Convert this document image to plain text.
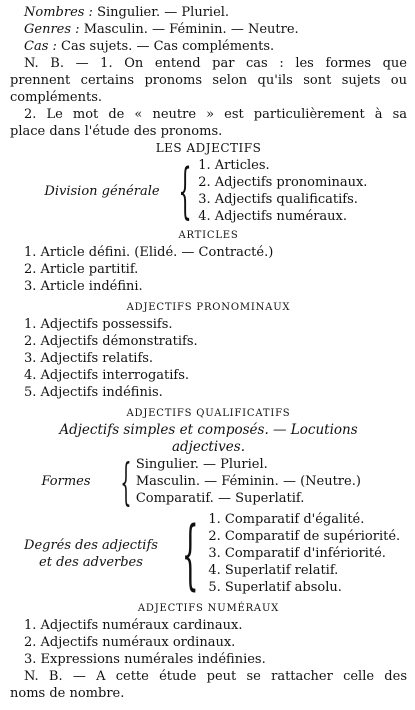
Nombres : Singulier. — Pluriel.
Genres : Masculin. — Féminin. — Neutre.
Cas : Cas sujets. — Cas compléments.
N. B. — 1. On entend par cas : les formes que
prennent certains pronoms selon qu'ils sont sujets ou
compléments.
2. Le mot de « neutre » est particulièrement à sa
place dans l'étude des pronoms.
LES ADJECTIFS
Division générale { 1. Articles.
2. Adjectifs pronominaux.
3. Adjectifs qualificatifs.
4. Adjectifs numéraux.
ARTICLES
1. Article défini. (Elidé. — Contracté.)
2. Article partitif.
3. Article indéfini.
ADJECTIFS PRONOMINAUX
1. Adjectifs possessifs.
2. Adjectifs démonstratifs.
3. Adjectifs relatifs.
4. Adjectifs interrogatifs.
5. Adjectifs indéfinis.
ADJECTIFS QUALIFICATIFS
Adjectifs simples et composés. — Locutions
adjectives.
Formes { Singulier. — Pluriel.
Masculin. — Féminin. — (Neutre.)
Comparatif. — Superlatif.
Degrés des adjectifs
et des adverbes { 1. Comparatif d'égalité.
2. Comparatif de supériorité.
3. Comparatif d'infériorité.
4. Superlatif relatif.
5. Superlatif absolu.
ADJECTIFS NUMÉRAUX
1. Adjectifs numéraux cardinaux.
2. Adjectifs numéraux ordinaux.
3. Expressions numérales indéfinies.
N. B. — A cette étude peut se rattacher celle des
noms de nombre.
